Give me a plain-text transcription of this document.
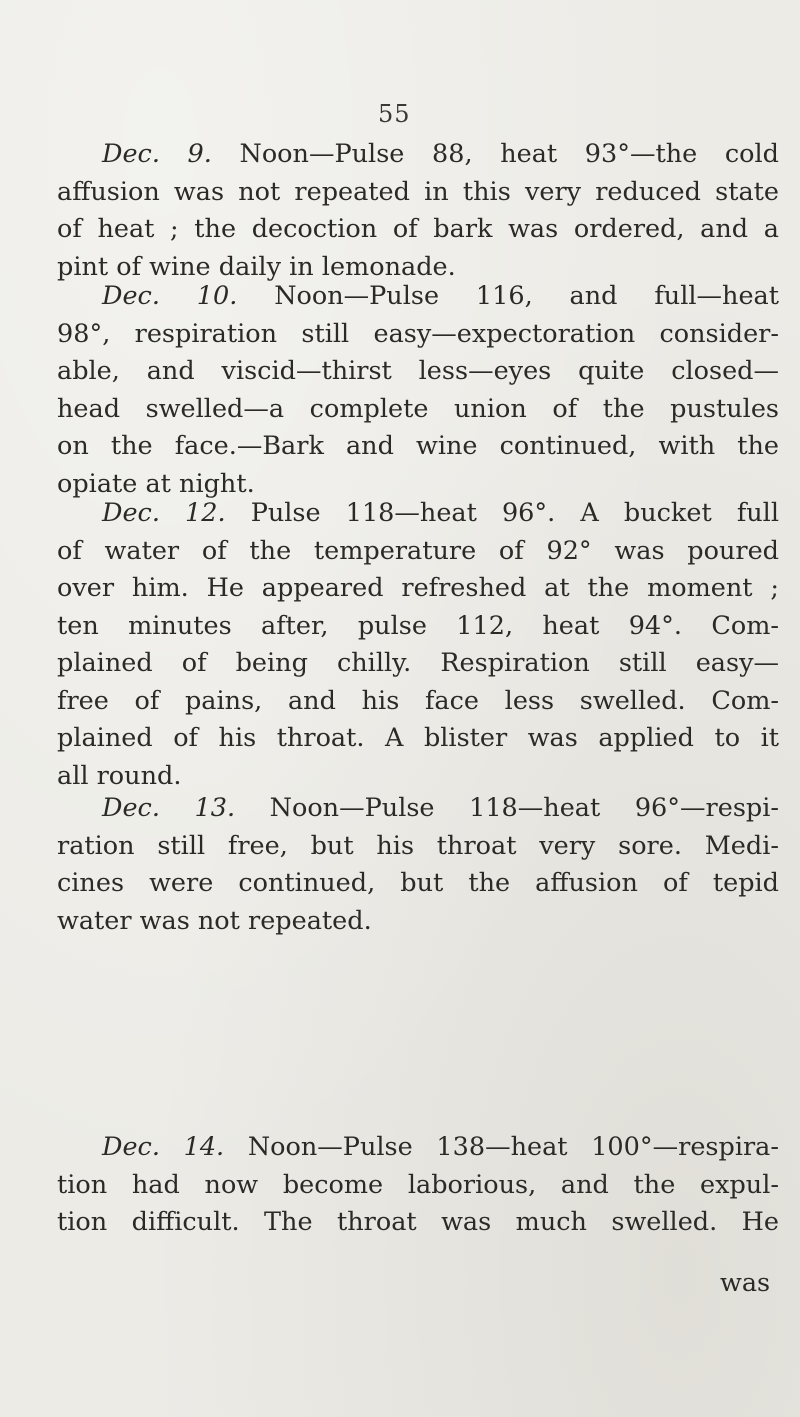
55
Dec. 9. Noon—Pulse 88, heat 93°—the cold
affusion was not repeated in this very reduced state
of heat ; the decoction of bark was ordered, and a
pint of wine daily in lemonade.
Dec. 10. Noon—Pulse 116, and full—heat
98°, respiration still easy—expectoration consider-
able, and viscid—thirst less—eyes quite closed—
head swelled—a complete union of the pustules
on the face.—Bark and wine continued, with the
opiate at night.
Dec. 12. Pulse 118—heat 96°. A bucket full
of water of the temperature of 92° was poured
over him. He appeared refreshed at the moment ;
ten minutes after, pulse 112, heat 94°. Com-
plained of being chilly. Respiration still easy—
free of pains, and his face less swelled. Com-
plained of his throat. A blister was applied to it
all round.
Dec. 13. Noon—Pulse 118—heat 96°—respi-
ration still free, but his throat very sore. Medi-
cines were continued, but the affusion of tepid
water was not repeated.
Dec. 14. Noon—Pulse 138—heat 100°—respira-
tion had now become laborious, and the expul-
tion difficult. The throat was much swelled. He
was
